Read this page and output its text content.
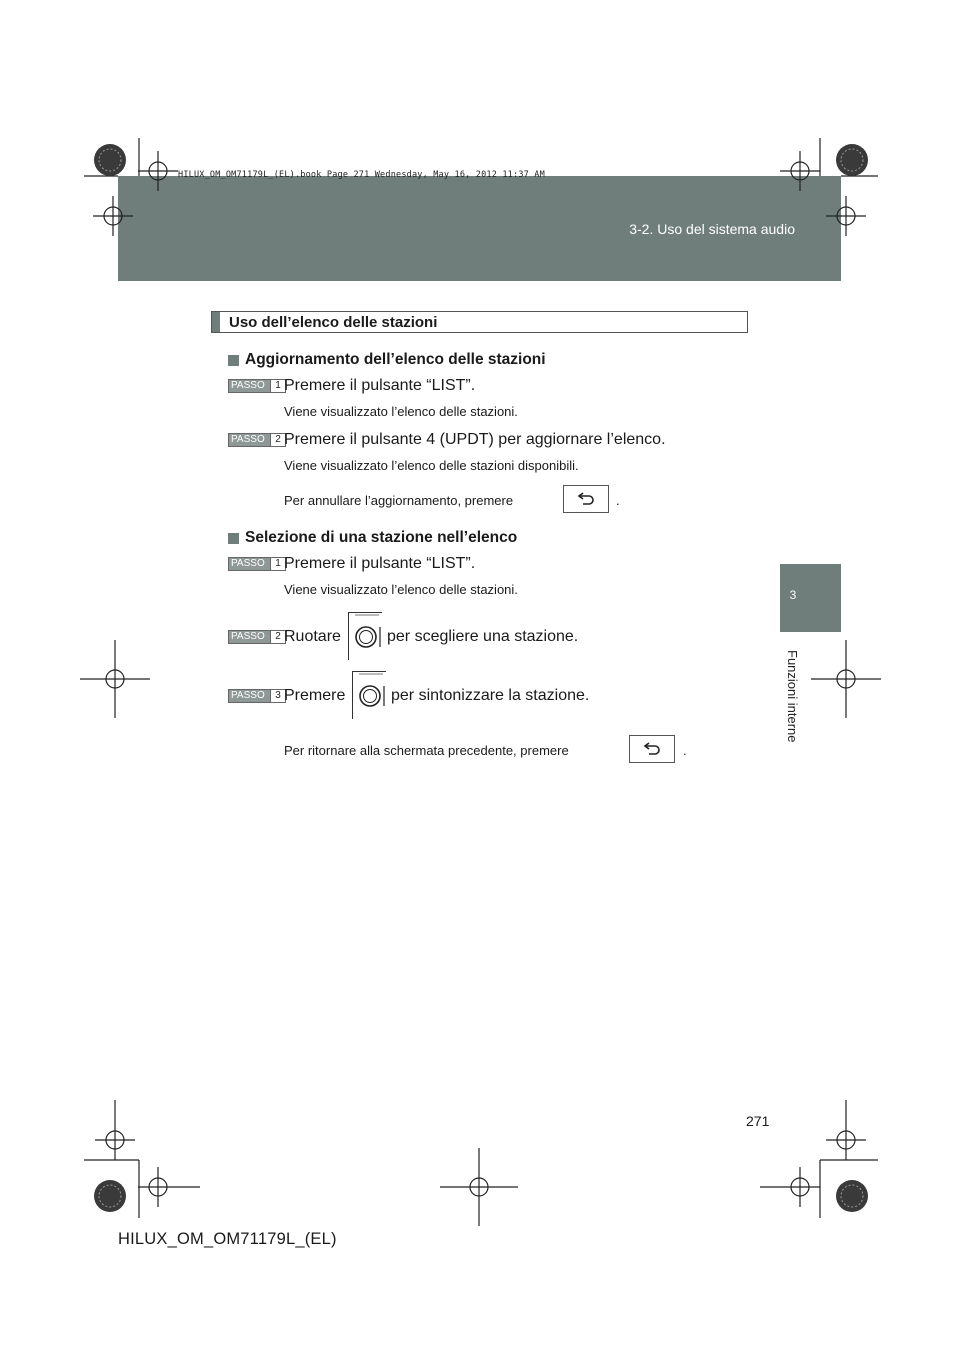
3-2. Uso del sistema audio
HILUX_OM_OM71179L_(EL).book Page 271 Wednesday, May 16, 2012 11:37 AM
3
Funzioni interne
Uso dell’elenco delle stazioni
Aggiornamento dell’elenco delle stazioni
PASSO	1 Premere il pulsante “LIST”.
Viene visualizzato l’elenco delle stazioni.
PASSO	2 Premere il pulsante 4 (UPDT) per aggiornare l’elenco.
Viene visualizzato l’elenco delle stazioni disponibili.
Per annullare l’aggiornamento, premere	.
Selezione di una stazione nell’elenco
PASSO	1 Premere il pulsante “LIST”.
Viene visualizzato l’elenco delle stazioni.
PASSO	2 Ruotare	per scegliere una stazione.
PASSO	3 Premere	per sintonizzare la stazione.
Per ritornare alla schermata precedente, premere	.
271
HILUX_OM_OM71179L_(EL)
